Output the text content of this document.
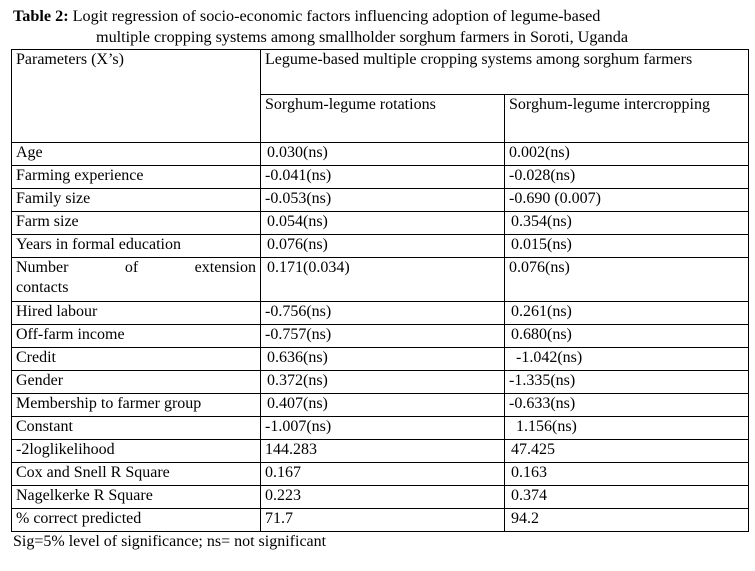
Table 2: Logit regression of socio-economic factors influencing adoption of legume-based
multiple cropping systems among smallholder sorghum farmers in Soroti, Uganda
Parameters (X’s)	Legume-based multiple cropping systems among sorghum farmers	

	Sorghum-legume rotations	Sorghum-legume intercropping
Age	0.030(ns)	0.002(ns)
Farming experience	-0.041(ns)	-0.028(ns)
Family size	-0.053(ns)	-0.690 (0.007)
Farm size	0.054(ns)	0.354(ns)
Years in formal education	0.076(ns)	0.015(ns)

Number of extension
contacts	0.171(0.034)	0.076(ns)
Hired labour	-0.756(ns)	0.261(ns)
Off-farm income	-0.757(ns)	0.680(ns)
Credit	0.636(ns)	-1.042(ns)
Gender	0.372(ns)	-1.335(ns)
Membership to farmer group	0.407(ns)	-0.633(ns)
Constant	-1.007(ns)	1.156(ns)
-2loglikelihood	144.283	47.425
Cox and Snell R Square	0.167	0.163
Nagelkerke R Square	0.223	0.374
% correct predicted	71.7	94.2
Sig=5% level of significance; ns= not significant
